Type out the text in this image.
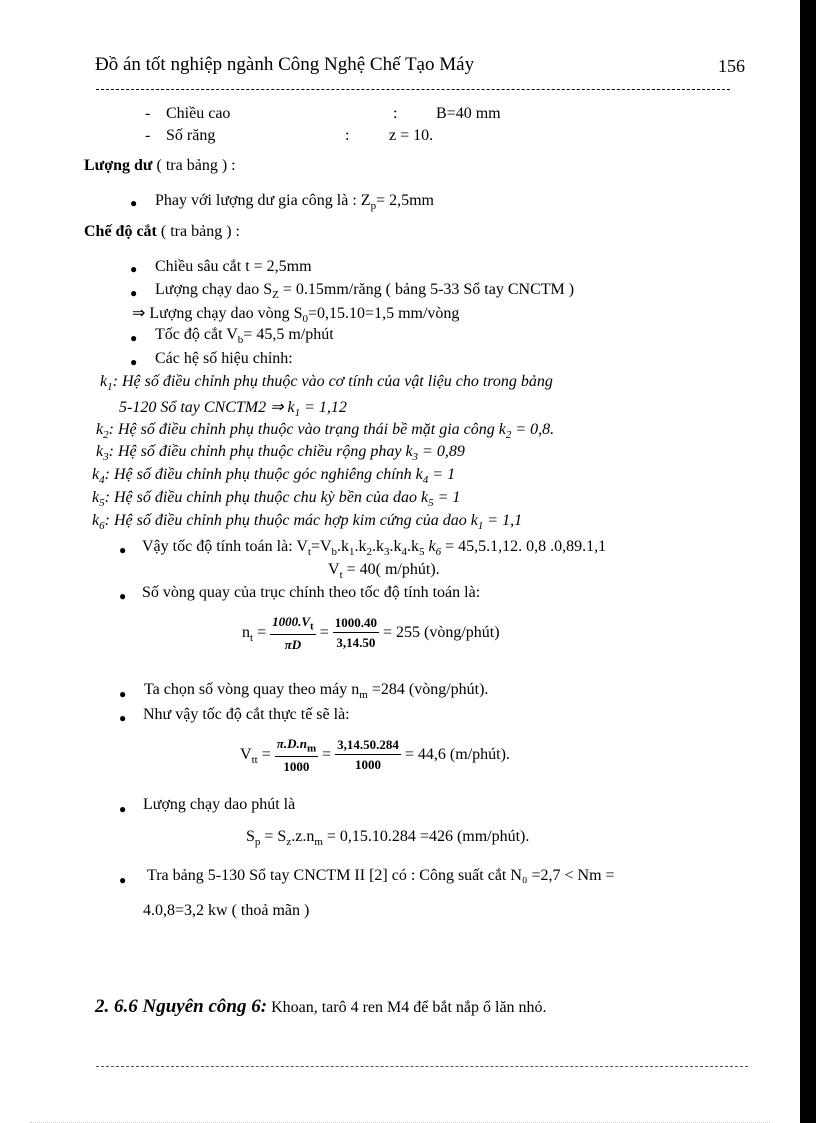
Đồ án tốt nghiệp ngành Công Nghệ Chế Tạo Máy	156
- Chiều cao	: B=40 mm
- Số răng	: z = 10.
Lượng dư ( tra bảng ) :
● Phay với lượng dư gia công là : $Z_p= 2,5mm$
Chế độ cắt ( tra bảng ) :
● Chiều sâu cắt t = 2,5mm
● Lượng chạy dao $S_Z$ = 0.15mm/răng ( bảng 5-33 Sổ tay CNCTM )
⇒ Lượng chạy dao vòng $S_0=0,15.10=1,5$ mm/vòng
● Tốc độ cắt $V_b= 45,5$ m/phút
● Các hệ số hiệu chỉnh:
$k_1$: Hệ số điều chỉnh phụ thuộc vào cơ tính của vật liệu cho trong bảng
5-120 Sổ tay CNCTM2 ⇒ $k_1 = 1,12$
$k_2$: Hệ số điều chỉnh phụ thuộc vào trạng thái bề mặt gia công $k_2 = 0,8$.
$k_3$: Hệ số điều chỉnh phụ thuộc chiều rộng phay $k_3 = 0,89$
$k_4$: Hệ số điều chỉnh phụ thuộc góc nghiêng chính $k_4 = 1$
$k_5$: Hệ số điều chỉnh phụ thuộc chu kỳ bền của dao $k_5 = 1$
$k_6$: Hệ số điều chỉnh phụ thuộc mác hợp kim cứng của dao $k_1 = 1,1$
● Vậy tốc độ tính toán là: $V_t=V_b.k_1.k_2.k_3.k_4.k_5$ $k_6 = 45,5.1,12$. 0,8 .0,89.1,1
$V_t = 40$( m/phút).
● Số vòng quay của trục chính theo tốc độ tính toán là:
$n_t = \frac{1000.V_t}{\pi D} = \frac{1000.40}{3,14.50} = 255$ (vòng/phút)
● Ta chọn số vòng quay theo máy $n_m =284$ (vòng/phút).
● Như vậy tốc độ cắt thực tế sẽ là:
$V_{tt} = \frac{\pi.D.n_m}{1000} = \frac{3,14.50.284}{1000} = 44,6$ (m/phút).
● Lượng chạy dao phút là
$S_p = S_z.z.n_m = 0,15.10.284 =426$ (mm/phút).
● Tra bảng 5-130 Sổ tay CNCTM II [2] có : Công suất cắt N₀ =2,7 < Nm =
4.0,8=3,2 kw ( thoả mãn )
2. 6.6 Nguyên công 6: Khoan, tarô 4 ren M4 để bắt nắp ổ lăn nhỏ.
